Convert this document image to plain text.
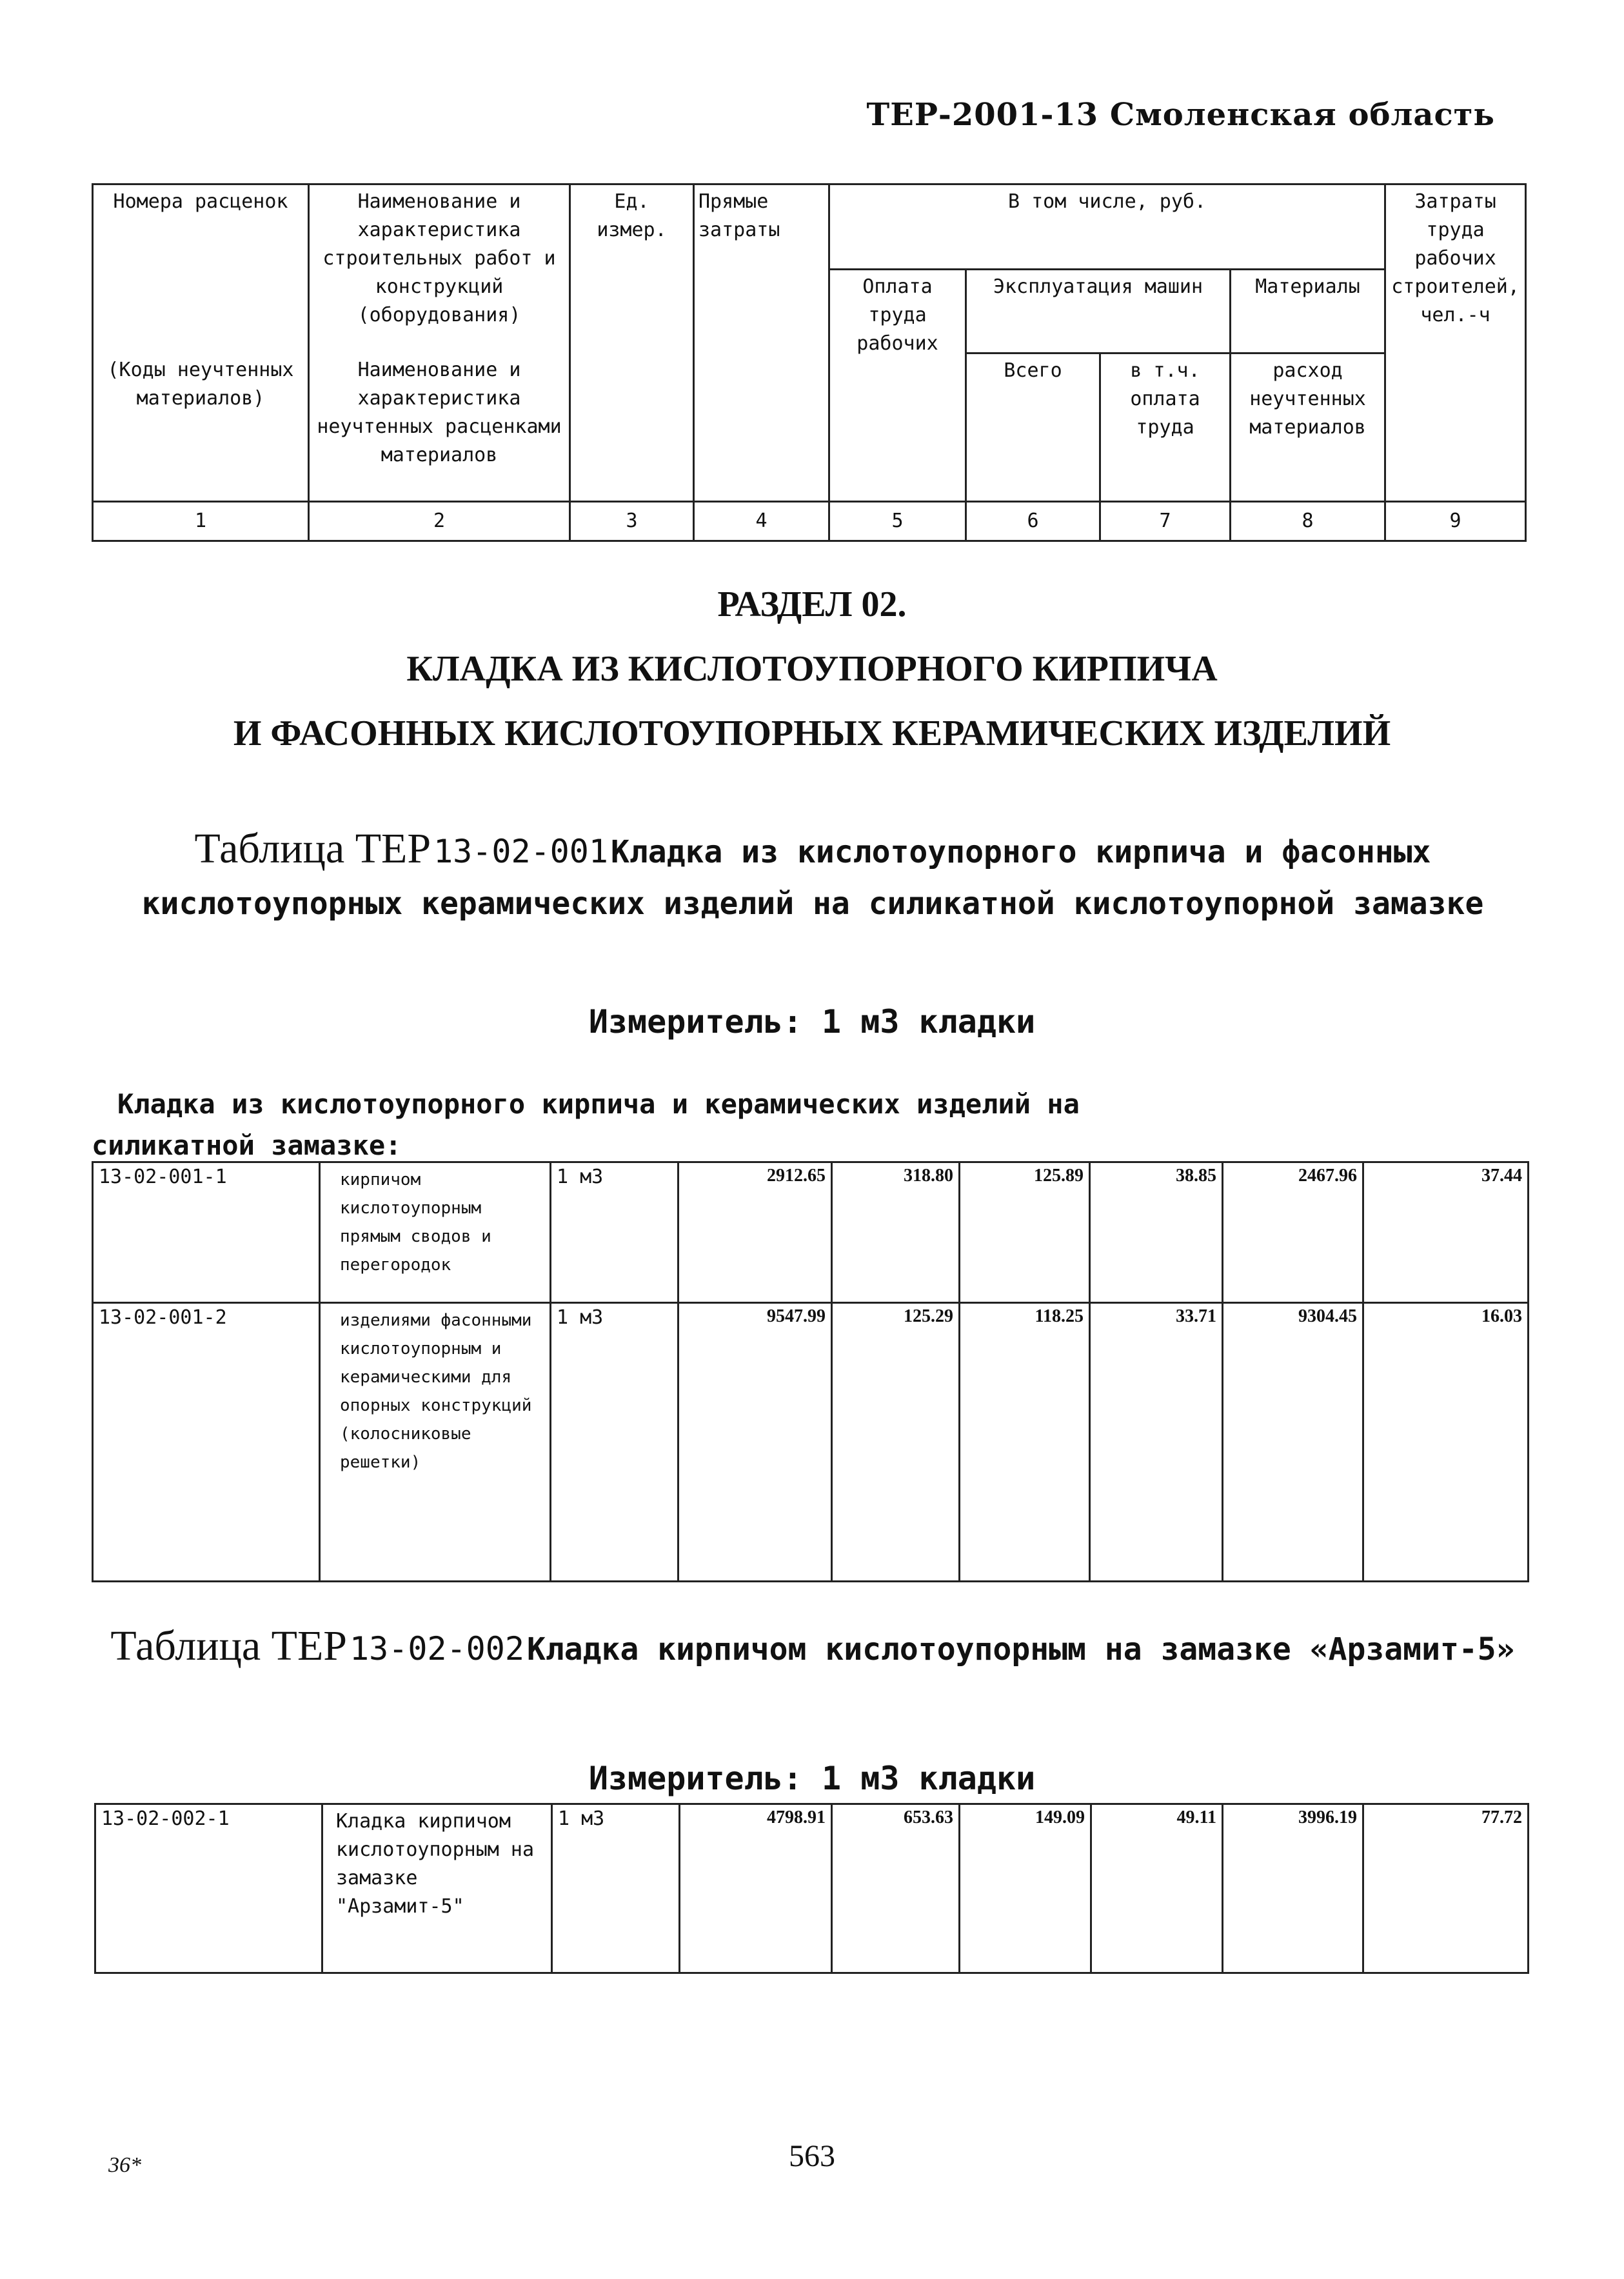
ТЕР-2001-13 Смоленская область
Номера расценок	Наименование и характеристика строительных работ и конструкций (оборудования)	Ед. измер.	Прямые затраты	В том числе, руб.				Затраты труда рабочих строителей, чел.-ч
				Оплата труда рабочих	Эксплуатация машин		Материалы	
(Коды неучтенных материалов)	Наименование и характеристика неучтенных расценками материалов				Всего	в т.ч. оплата труда	расход неучтенных материалов	

1	2	3	4	5	6	7	8	9
РАЗДЕЛ 02.
КЛАДКА ИЗ КИСЛОТОУПОРНОГО КИРПИЧА
И ФАСОННЫХ КИСЛОТОУПОРНЫХ КЕРАМИЧЕСКИХ ИЗДЕЛИЙ
Таблица ТЕР 13-02-001 Кладка из кислотоупорного кирпича и фасонных кислотоупорных керамических изделий на силикатной кислотоупорной замазке
Измеритель: 1 м3 кладки
Кладка из кислотоупорного кирпича и керамических изделий на
силикатной замазке:
13-02-001-1	кирпичом кислотоупорным прямым сводов и перегородок	1 м3	2912.65	318.80	125.89	38.85	2467.96	37.44
13-02-001-2	изделиями фасонными кислотоупорным и керамическими для опорных конструкций (колосниковые решетки)	1 м3	9547.99	125.29	118.25	33.71	9304.45	16.03
Таблица ТЕР 13-02-002 Кладка кирпичом кислотоупорным на замазке «Арзамит-5»
Измеритель: 1 м3 кладки
13-02-002-1	Кладка кирпичом кислотоупорным на замазке "Арзамит-5"	1 м3	4798.91	653.63	149.09	49.11	3996.19	77.72
36*	563
